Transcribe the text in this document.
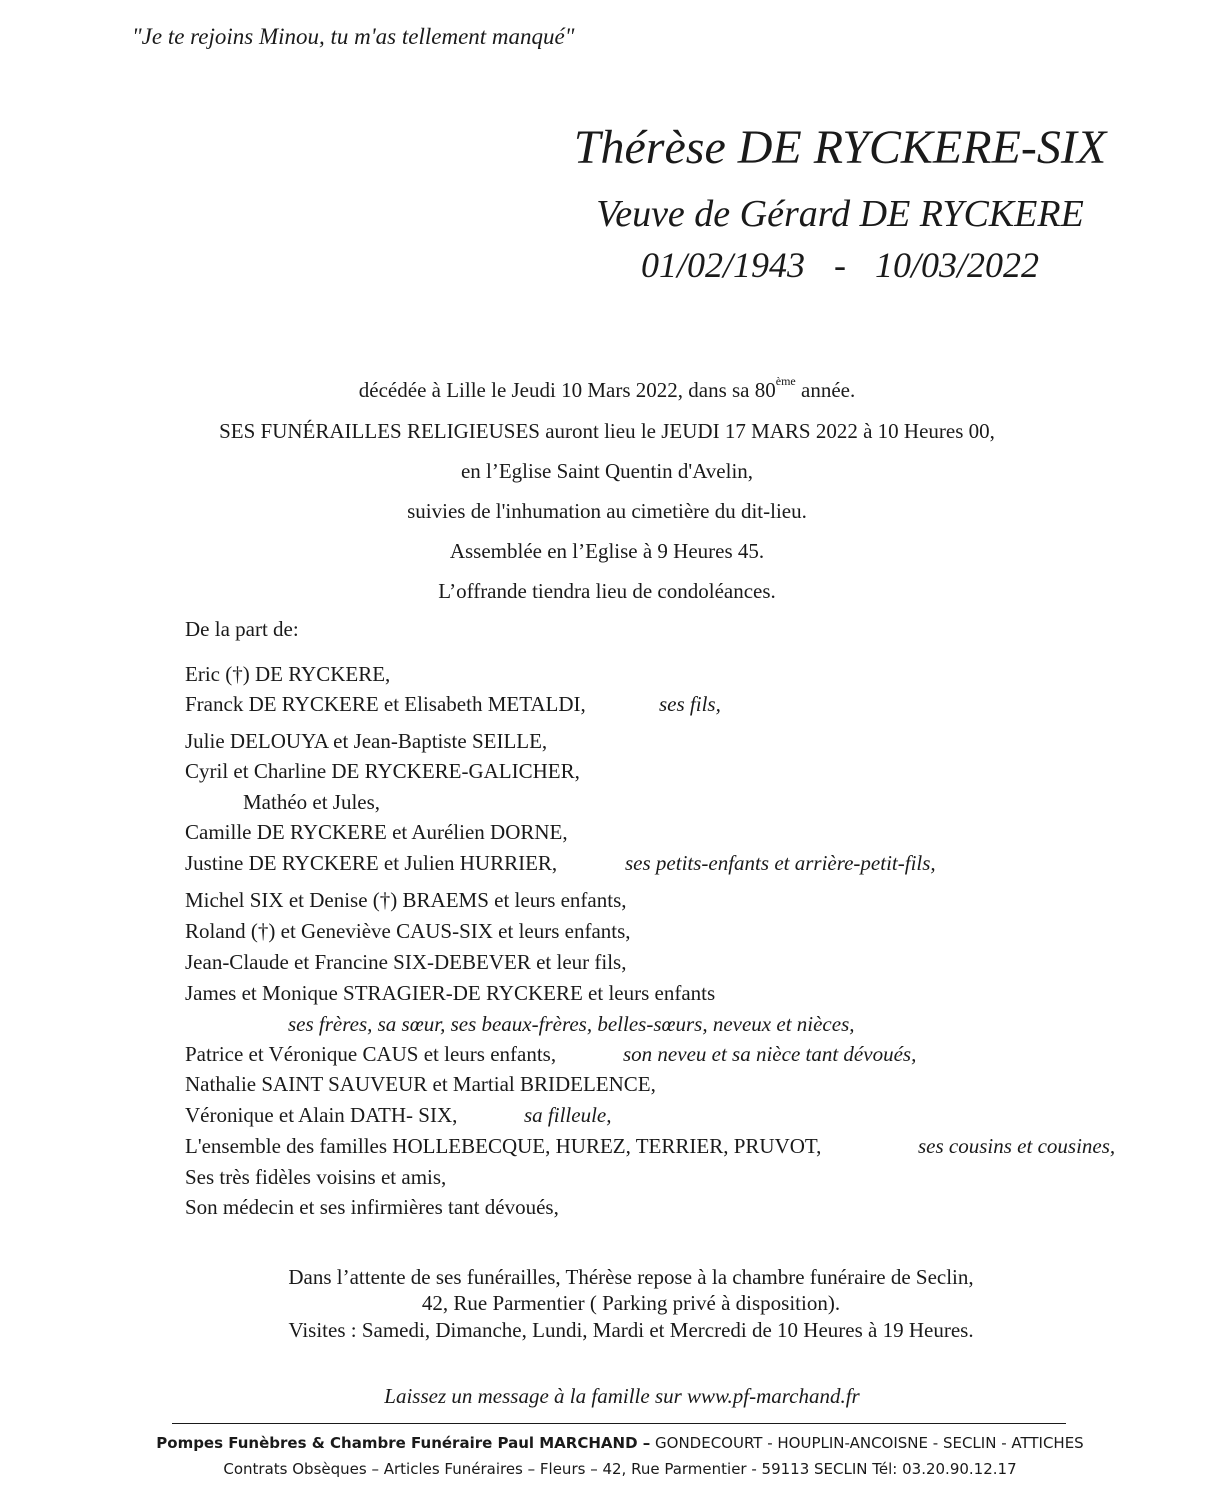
"Je te rejoins Minou, tu m'as tellement manqué"
Thérèse DE RYCKERE-SIX
Veuve de Gérard DE RYCKERE
01/02/1943 - 10/03/2022
décédée à Lille le Jeudi 10 Mars 2022, dans sa 80ème année.
SES FUNÉRAILLES RELIGIEUSES auront lieu le JEUDI 17 MARS 2022 à 10 Heures 00,
en l’Eglise Saint Quentin d'Avelin,
suivies de l'inhumation au cimetière du dit-lieu.
Assemblée en l’Eglise à 9 Heures 45.
L’offrande tiendra lieu de condoléances.
De la part de:
Eric (†) DE RYCKERE,
Franck DE RYCKERE et Elisabeth METALDI,	ses fils,
Julie DELOUYA et Jean-Baptiste SEILLE,
Cyril et Charline DE RYCKERE-GALICHER,
Mathéo et Jules,
Camille DE RYCKERE et Aurélien DORNE,
Justine DE RYCKERE et Julien HURRIER,	ses petits-enfants et arrière-petit-fils,
Michel SIX et Denise (†) BRAEMS et leurs enfants,
Roland (†) et Geneviève CAUS-SIX et leurs enfants,
Jean-Claude et Francine SIX-DEBEVER et leur fils,
James et Monique STRAGIER-DE RYCKERE et leurs enfants
ses frères, sa sœur, ses beaux-frères, belles-sœurs, neveux et nièces,
Patrice et Véronique CAUS et leurs enfants,	son neveu et sa nièce tant dévoués,
Nathalie SAINT SAUVEUR et Martial BRIDELENCE,
Véronique et Alain DATH- SIX,	sa filleule,
L'ensemble des familles HOLLEBECQUE, HUREZ, TERRIER, PRUVOT,	ses cousins et cousines,
Ses très fidèles voisins et amis,
Son médecin et ses infirmières tant dévoués,
Dans l’attente de ses funérailles, Thérèse repose à la chambre funéraire de Seclin,
42, Rue Parmentier ( Parking privé à disposition).
Visites : Samedi, Dimanche, Lundi, Mardi et Mercredi de 10 Heures à 19 Heures.
Laissez un message à la famille sur www.pf-marchand.fr
Pompes Funèbres & Chambre Funéraire Paul MARCHAND – GONDECOURT - HOUPLIN-ANCOISNE - SECLIN - ATTICHES
Contrats Obsèques – Articles Funéraires – Fleurs – 42, Rue Parmentier - 59113 SECLIN Tél: 03.20.90.12.17
